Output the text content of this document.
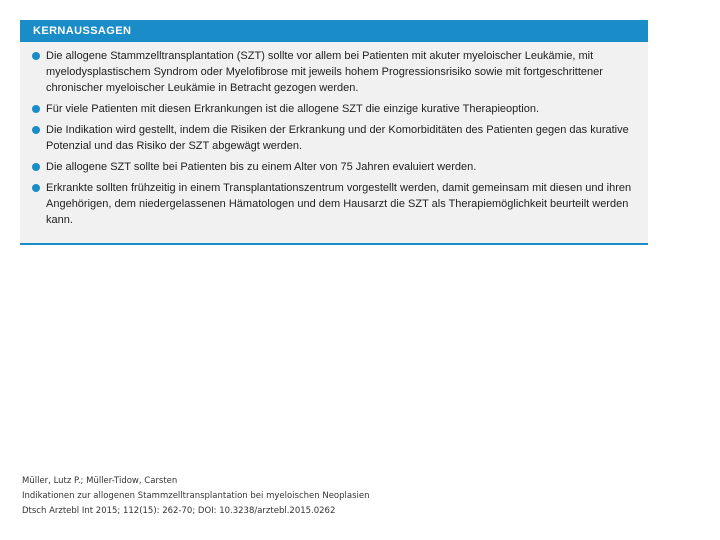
KERNAUSSAGEN
Die allogene Stammzelltransplantation (SZT) sollte vor allem bei Patienten mit akuter myeloischer Leukämie, mit myelodysplastischem Syndrom oder Myelofibrose mit jeweils hohem Progressionsrisiko sowie mit fortgeschrittener chronischer myeloischer Leukämie in Betracht gezogen werden.
Für viele Patienten mit diesen Erkrankungen ist die allogene SZT die einzige kurative Therapieoption.
Die Indikation wird gestellt, indem die Risiken der Erkrankung und der Komorbiditäten des Patienten gegen das kurative Potenzial und das Risiko der SZT abgewägt werden.
Die allogene SZT sollte bei Patienten bis zu einem Alter von 75 Jahren evaluiert werden.
Erkrankte sollten frühzeitig in einem Transplantationszentrum vorgestellt werden, damit gemeinsam mit diesen und ihren Angehörigen, dem niedergelassenen Hämatologen und dem Hausarzt die SZT als Therapiemöglichkeit beurteilt werden kann.
Müller, Lutz P.; Müller-Tidow, Carsten
Indikationen zur allogenen Stammzelltransplantation bei myeloischen Neoplasien
Dtsch Arztebl Int 2015; 112(15): 262-70; DOI: 10.3238/arztebl.2015.0262
